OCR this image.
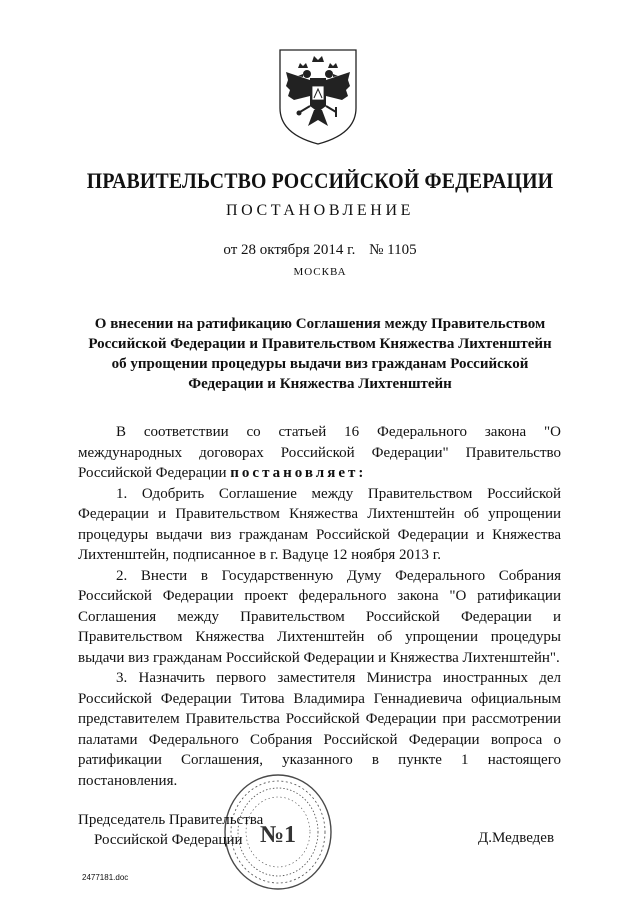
ПРАВИТЕЛЬСТВО РОССИЙСКОЙ ФЕДЕРАЦИИ
ПОСТАНОВЛЕНИЕ
от 28 октября 2014 г. № 1105
МОСКВА
О внесении на ратификацию Соглашения между Правительством Российской Федерации и Правительством Княжества Лихтенштейн об упрощении процедуры выдачи виз гражданам Российской Федерации и Княжества Лихтенштейн

В соответствии со статьей 16 Федерального закона "О международных договорах Российской Федерации" Правительство Российской Федерации постановляет:

1. Одобрить Соглашение между Правительством Российской Федерации и Правительством Княжества Лихтенштейн об упрощении процедуры выдачи виз гражданам Российской Федерации и Княжества Лихтенштейн, подписанное в г. Вадуце 12 ноября 2013 г.

2. Внести в Государственную Думу Федерального Собрания Российской Федерации проект федерального закона "О ратификации Соглашения между Правительством Российской Федерации и Правительством Княжества Лихтенштейн об упрощении процедуры выдачи виз гражданам Российской Федерации и Княжества Лихтенштейн".

3. Назначить первого заместителя Министра иностранных дел Российской Федерации Титова Владимира Геннадиевича официальным представителем Правительства Российской Федерации при рассмотрении палатами Федерального Собрания Российской Федерации вопроса о ратификации Соглашения, указанного в пункте 1 настоящего постановления.

№1
Председатель Правительства
Российской Федерации	Д.Медведев
2477181.doc
